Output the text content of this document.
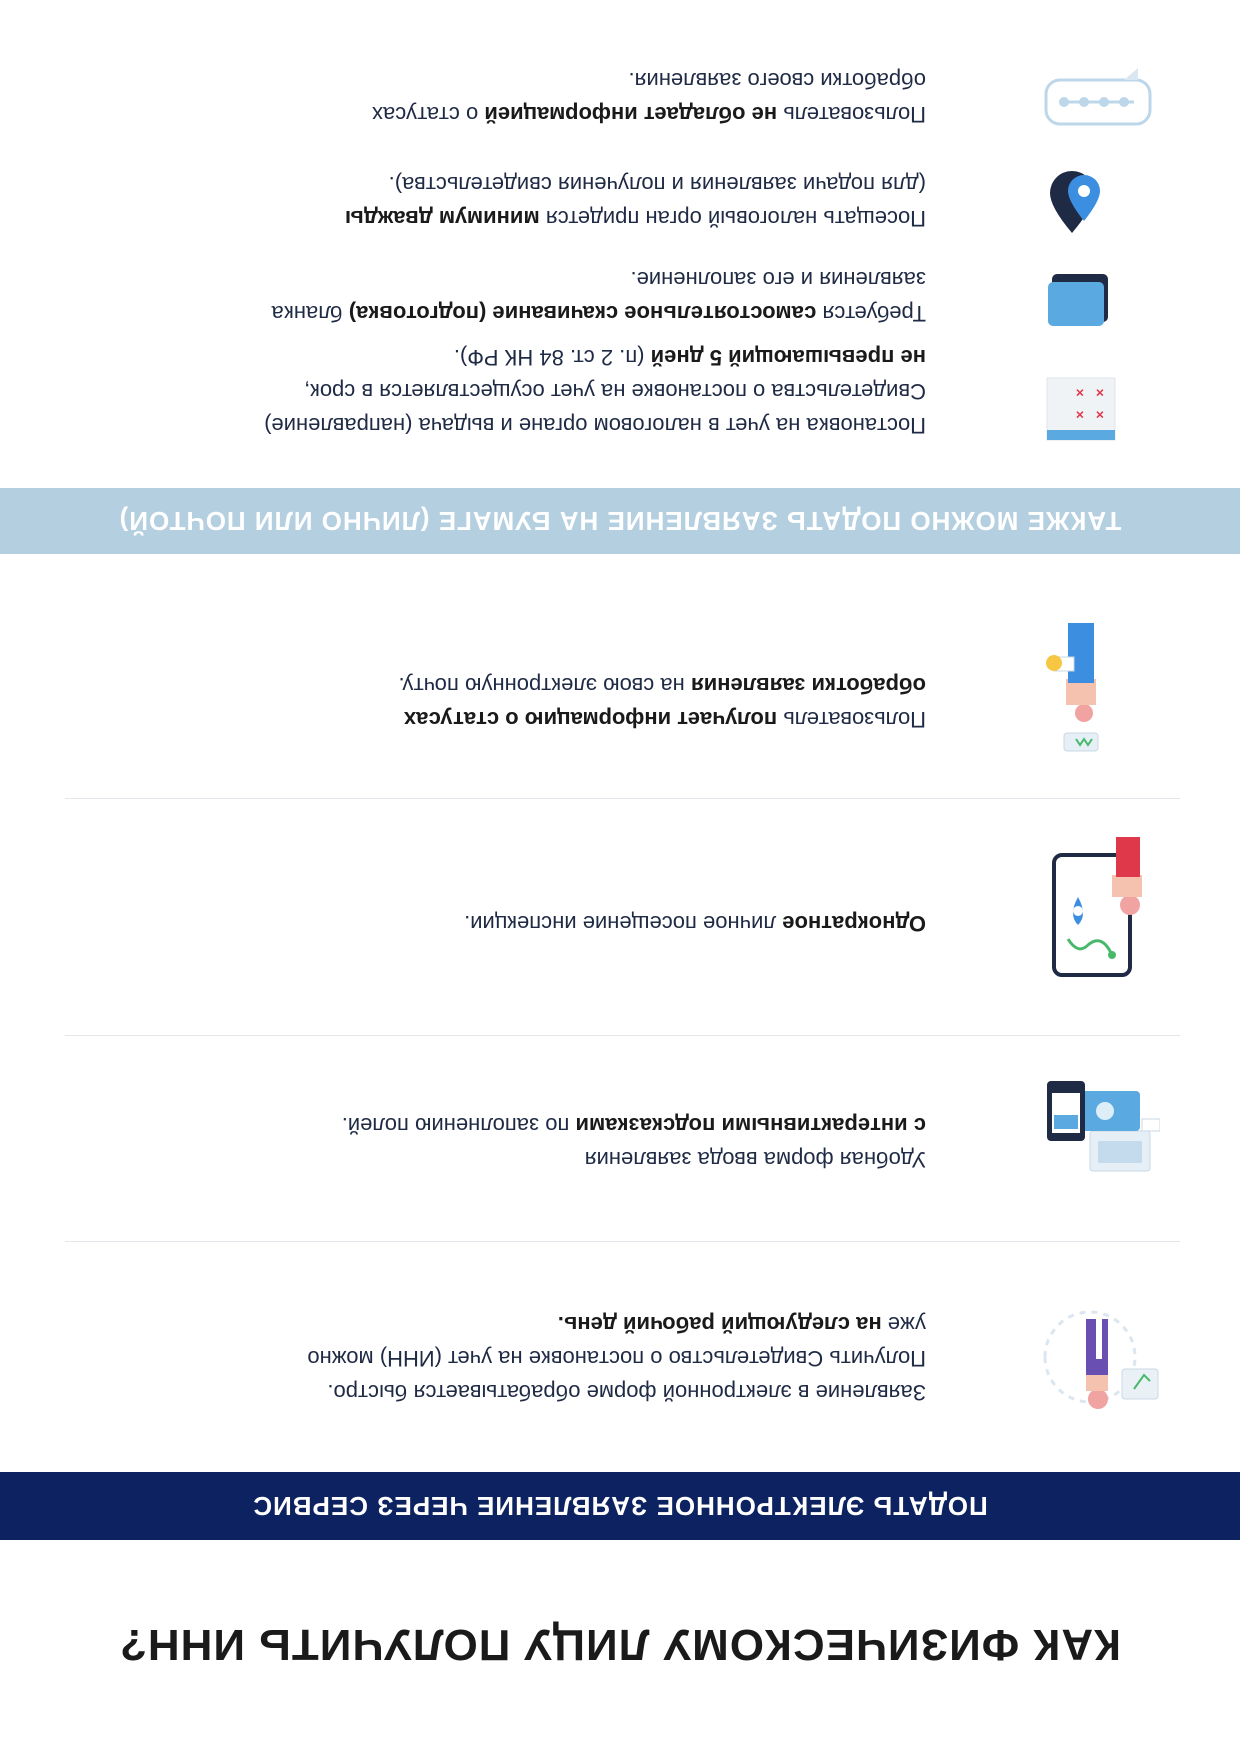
КАК ФИЗИЧЕСКОМУ ЛИЦУ ПОЛУЧИТЬ ИНН?
ПОДАТЬ ЭЛЕКТРОННОЕ ЗАЯВЛЕНИЕ ЧЕРЕЗ СЕРВИС
Заявление в электронной форме обрабатывается быстро.
Получить Свидетельство о постановке на учет (ИНН) можно
уже на следующий рабочий день.
Удобная форма ввода заявления
с интерактивными подсказками по заполнению полей.
Однократное личное посещение инспекции.
Пользователь получает информацию о статусах
обработки заявления на свою электронную почту.
ТАКЖЕ МОЖНО ПОДАТЬ ЗАЯВЛЕНИЕ НА БУМАГЕ (ЛИЧНО ИЛИ ПОЧТОЙ)
×
×
×
×
Постановка на учет в налоговом органе и выдача (направление)
Свидетельства о постановке на учет осуществляется в срок,
не превышающий 5 дней (п. 2 ст. 84 НК РФ).
Требуется самостоятельное скачивание (подготовка) бланка
заявления и его заполнение.
Посещать налоговый орган придется минимум дважды
(для подачи заявления и получения свидетельства).
Пользователь не обладает информацией о статусах
обработки своего заявления.
